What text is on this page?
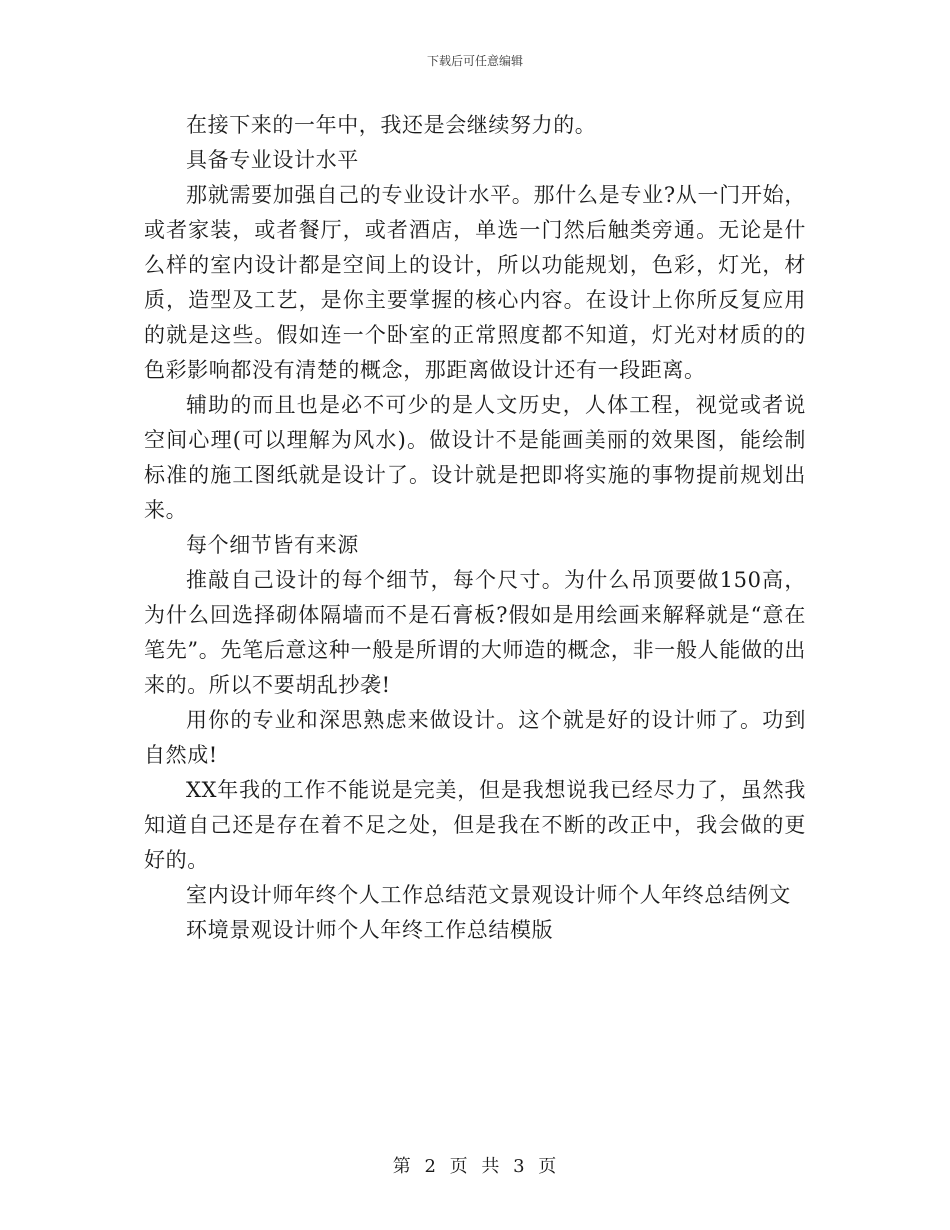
下载后可任意编辑

在接下来的一年中，我还是会继续努力的。

具备专业设计水平

那就需要加强自己的专业设计水平。那什么是专业?从一门开始，或者家装，或者餐厅，或者酒店，单选一门然后触类旁通。无论是什么样的室内设计都是空间上的设计，所以功能规划，色彩，灯光，材质，造型及工艺，是你主要掌握的核心内容。在设计上你所反复应用的就是这些。假如连一个卧室的正常照度都不知道，灯光对材质的的色彩影响都没有清楚的概念，那距离做设计还有一段距离。

辅助的而且也是必不可少的是人文历史，人体工程，视觉或者说空间心理(可以理解为风水)。做设计不是能画美丽的效果图，能绘制标准的施工图纸就是设计了。设计就是把即将实施的事物提前规划出来。

每个细节皆有来源

推敲自己设计的每个细节，每个尺寸。为什么吊顶要做150高，为什么回选择砌体隔墙而不是石膏板?假如是用绘画来解释就是“意在笔先”。先笔后意这种一般是所谓的大师造的概念，非一般人能做的出来的。所以不要胡乱抄袭!

用你的专业和深思熟虑来做设计。这个就是好的设计师了。功到自然成!

XX年我的工作不能说是完美，但是我想说我已经尽力了，虽然我知道自己还是存在着不足之处，但是我在不断的改正中，我会做的更好的。

室内设计师年终个人工作总结范文景观设计师个人年终总结例文

环境景观设计师个人年终工作总结模版

第 2 页 共 3 页
